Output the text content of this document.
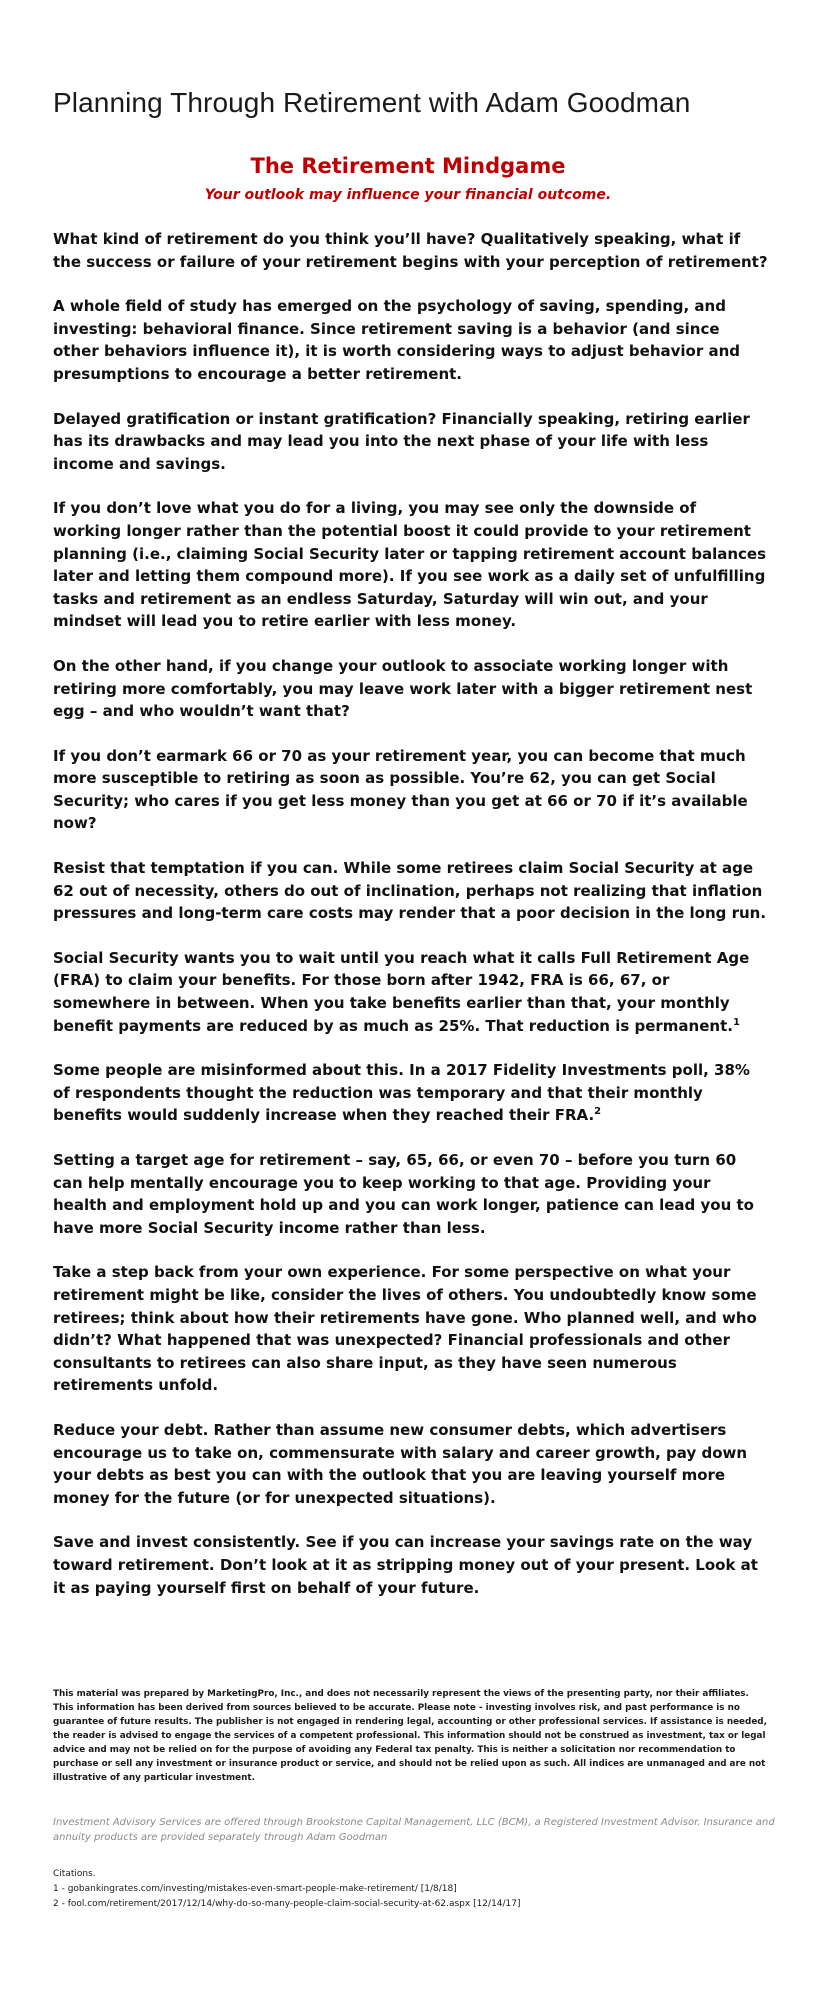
Planning Through Retirement with Adam Goodman
The Retirement Mindgame
Your outlook may influence your financial outcome.

What kind of retirement do you think you’ll have? Qualitatively speaking, what if the success or failure of your retirement begins with your perception of retirement?

A whole field of study has emerged on the psychology of saving, spending, and investing: behavioral finance. Since retirement saving is a behavior (and since other behaviors influence it), it is worth considering ways to adjust behavior and presumptions to encourage a better retirement.

Delayed gratification or instant gratification? Financially speaking, retiring earlier has its drawbacks and may lead you into the next phase of your life with less income and savings.

If you don’t love what you do for a living, you may see only the downside of working longer rather than the potential boost it could provide to your retirement planning (i.e., claiming Social Security later or tapping retirement account balances later and letting them compound more). If you see work as a daily set of unfulfilling tasks and retirement as an endless Saturday, Saturday will win out, and your mindset will lead you to retire earlier with less money.

On the other hand, if you change your outlook to associate working longer with retiring more comfortably, you may leave work later with a bigger retirement nest egg – and who wouldn’t want that?

If you don’t earmark 66 or 70 as your retirement year, you can become that much more susceptible to retiring as soon as possible. You’re 62, you can get Social Security; who cares if you get less money than you get at 66 or 70 if it’s available now?

Resist that temptation if you can. While some retirees claim Social Security at age 62 out of necessity, others do out of inclination, perhaps not realizing that inflation pressures and long-term care costs may render that a poor decision in the long run.

Social Security wants you to wait until you reach what it calls Full Retirement Age (FRA) to claim your benefits. For those born after 1942, FRA is 66, 67, or somewhere in between. When you take benefits earlier than that, your monthly benefit payments are reduced by as much as 25%. That reduction is permanent.$^1$

Some people are misinformed about this. In a 2017 Fidelity Investments poll, 38% of respondents thought the reduction was temporary and that their monthly benefits would suddenly increase when they reached their FRA.$^2$

Setting a target age for retirement – say, 65, 66, or even 70 – before you turn 60 can help mentally encourage you to keep working to that age. Providing your health and employment hold up and you can work longer, patience can lead you to have more Social Security income rather than less.

Take a step back from your own experience. For some perspective on what your retirement might be like, consider the lives of others. You undoubtedly know some retirees; think about how their retirements have gone. Who planned well, and who didn’t? What happened that was unexpected? Financial professionals and other consultants to retirees can also share input, as they have seen numerous retirements unfold.

Reduce your debt. Rather than assume new consumer debts, which advertisers encourage us to take on, commensurate with salary and career growth, pay down your debts as best you can with the outlook that you are leaving yourself more money for the future (or for unexpected situations).

Save and invest consistently. See if you can increase your savings rate on the way toward retirement. Don’t look at it as stripping money out of your present. Look at it as paying yourself first on behalf of your future.

This material was prepared by MarketingPro, Inc., and does not necessarily represent the views of the presenting party, nor their affiliates. This information has been derived from sources believed to be accurate. Please note - investing involves risk, and past performance is no guarantee of future results. The publisher is not engaged in rendering legal, accounting or other professional services. If assistance is needed, the reader is advised to engage the services of a competent professional. This information should not be construed as investment, tax or legal advice and may not be relied on for the purpose of avoiding any Federal tax penalty. This is neither a solicitation nor recommendation to purchase or sell any investment or insurance product or service, and should not be relied upon as such. All indices are unmanaged and are not illustrative of any particular investment.

Investment Advisory Services are offered through Brookstone Capital Management, LLC (BCM), a Registered Investment Advisor. Insurance and annuity products are provided separately through Adam Goodman

Citations.
1 - gobankingrates.com/investing/mistakes-even-smart-people-make-retirement/ [1/8/18]
2 - fool.com/retirement/2017/12/14/why-do-so-many-people-claim-social-security-at-62.aspx [12/14/17]
